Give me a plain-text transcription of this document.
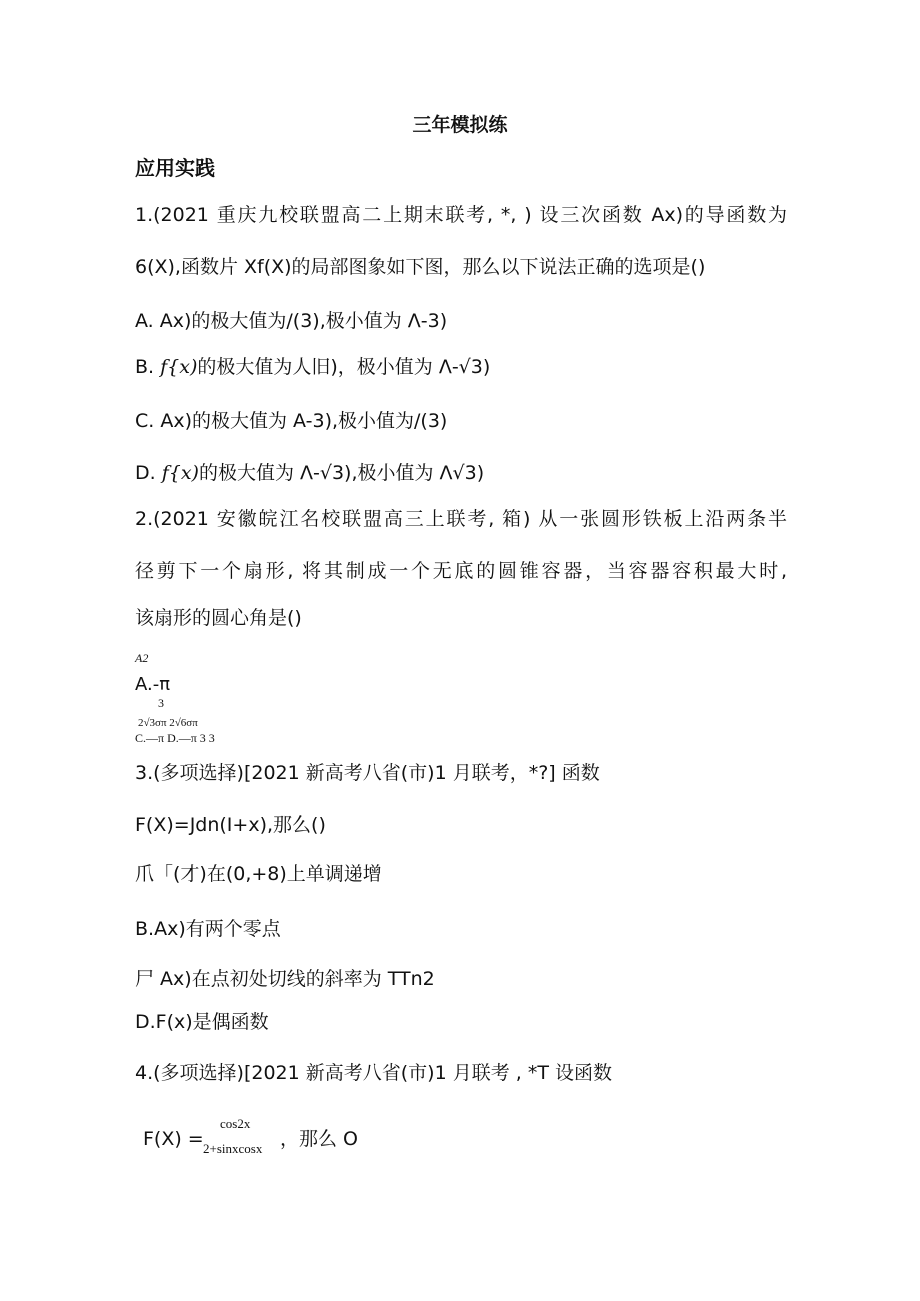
三年模拟练
应用实践
1.(2021 重庆九校联盟高二上期末联考, *, ) 设三次函数 Ax)的导函数为
6(X),函数片 Xf(X)的局部图象如下图，那么以下说法正确的选项是()
A. Ax)的极大值为/(3),极小值为 Λ-3)
B. f{x)的极大值为人旧)，极小值为 Λ-√3)
C. Ax)的极大值为 A-3),极小值为/(3)
D. f{x)的极大值为 Λ-√3),极小值为 Λ√3)
2.(2021 安徽皖江名校联盟高三上联考, 箱) 从一张圆形铁板上沿两条半
径剪下一个扇形, 将其制成一个无底的圆锥容器，当容器容积最大时,
该扇形的圆心角是()
A2
A.-π
3
2√3σπ 2√6σπ
C.—π D.—π 3 3
3.(多项选择)[2021 新高考八省(市)1 月联考，*?] 函数
F(X)=Jdn(I+x),那么()
爪「(才)在(0,+8)上单调递增
B.Ax)有两个零点
尸 Ax)在点初处切线的斜率为 TTn2
D.F(x)是偶函数
4.(多项选择)[2021 新高考八省(市)1 月联考 , *T 设函数
F(X) =
cos2x
2+sinxcosx ，那么 O
